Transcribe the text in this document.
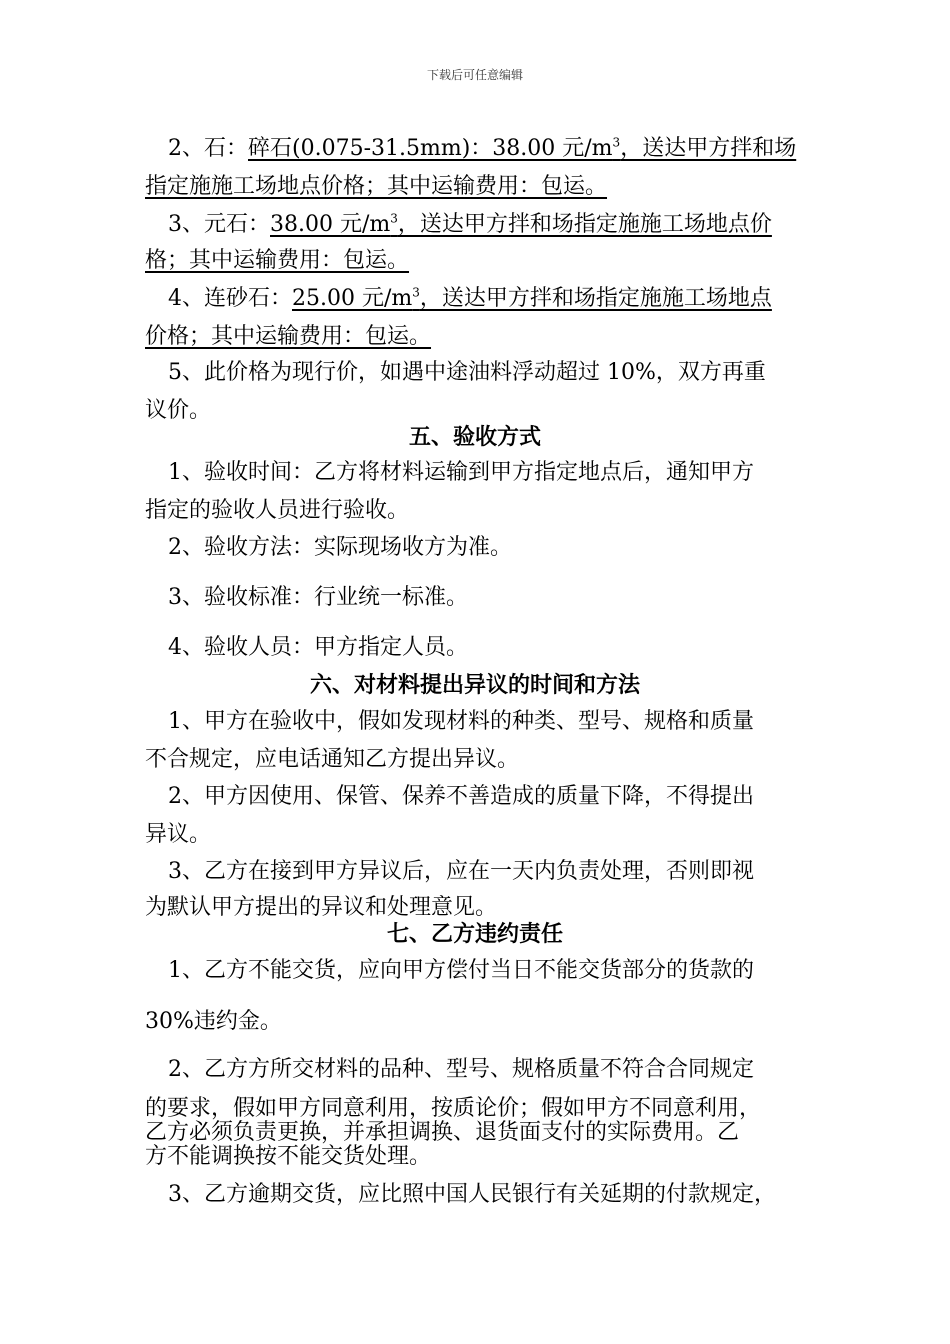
下载后可任意编辑
2、石：碎石(0.075-31.5mm)：38.00 元$/m^3$，送达甲方拌和场
指定施施工场地点价格；其中运输费用：包运。
3、元石：38.00 元$/m^3$，送达甲方拌和场指定施施工场地点价
格；其中运输费用：包运。
4、连砂石：25.00 元$/m^3$，送达甲方拌和场指定施施工场地点
价格；其中运输费用：包运。
5、此价格为现行价，如遇中途油料浮动超过 10%，双方再重
议价。
五、验收方式
1、验收时间：乙方将材料运输到甲方指定地点后，通知甲方
指定的验收人员进行验收。
2、验收方法：实际现场收方为准。
3、验收标准：行业统一标准。
4、验收人员：甲方指定人员。
六、对材料提出异议的时间和方法
1、甲方在验收中，假如发现材料的种类、型号、规格和质量
不合规定，应电话通知乙方提出异议。
2、甲方因使用、保管、保养不善造成的质量下降，不得提出
异议。
3、乙方在接到甲方异议后，应在一天内负责处理，否则即视
为默认甲方提出的异议和处理意见。
七、乙方违约责任
1、乙方不能交货，应向甲方偿付当日不能交货部分的货款的
30%违约金。
2、乙方方所交材料的品种、型号、规格质量不符合合同规定
的要求，假如甲方同意利用，按质论价；假如甲方不同意利用，
乙方必须负责更换，并承担调换、退货面支付的实际费用。乙
方不能调换按不能交货处理。
3、乙方逾期交货，应比照中国人民银行有关延期的付款规定，
